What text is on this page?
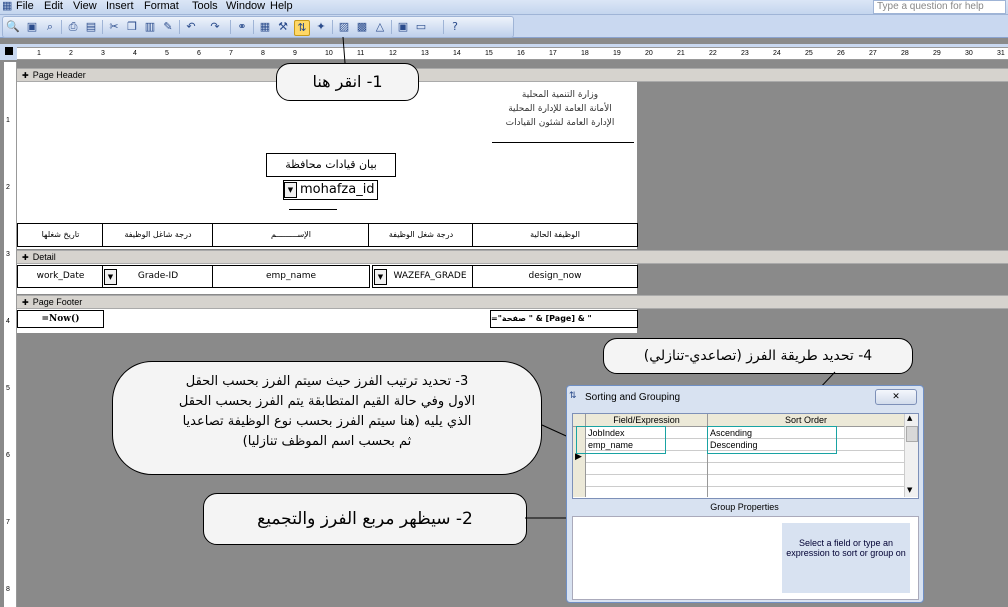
▦ File Edit View Insert Format Tools Window Help	Type a question for help
🔍 ▣ ⌕	⎙ ▤ ✂ ❐ ▥ ✎ ↶ ↷ ⚭ ▦ ⚒ ⇅ ✦ ▨ ▩ △ ▣ ▭	?
1	2	3	4	5	6	7	8	9	10	11	12	13	14	15	16	17	18	19	20	21	22	23	24	25	26	27	28	29	30	31
1
2
3
4
5
6
7
8
✚ Page Header
وزارة التنمية المحلية
الأمانة العامة للإدارة المحلية
الإدارة العامة لشئون القيادات
بيان قيادات محافظة
▼ mohafza_id
تاريخ شغلها	درجة شاغل الوظيفة	الإســـــــــم	درجة شغل الوظيفة	الوظيفة الحالية
✚ Detail
work_Date	▼	Grade-ID	emp_name	▼	WAZEFA_GRADE	design_now
✚ Page Footer
=Now()	="صفحة " & [Page] & "
1- انقر هنا
4- تحديد طريقة الفرز (تصاعدي-تنازلي)
3- تحديد ترتيب الفرز حيث سيتم الفرز بحسب الحقل
الاول وفي حالة القيم المتطابقة يتم الفرز بحسب الحقل
الذي يليه (هنا سيتم الفرز بحسب نوع الوظيفة تصاعديا
ثم بحسب اسم الموظف تنازليا)
2- سيظهر مربع الفرز والتجميع
⇅ Sorting and Grouping	✕
Field/Expression	Sort Order
▶
JobIndex	Ascending
emp_name	Descending
▲
▼
Group Properties
Select a field or type an expression to sort or group on
